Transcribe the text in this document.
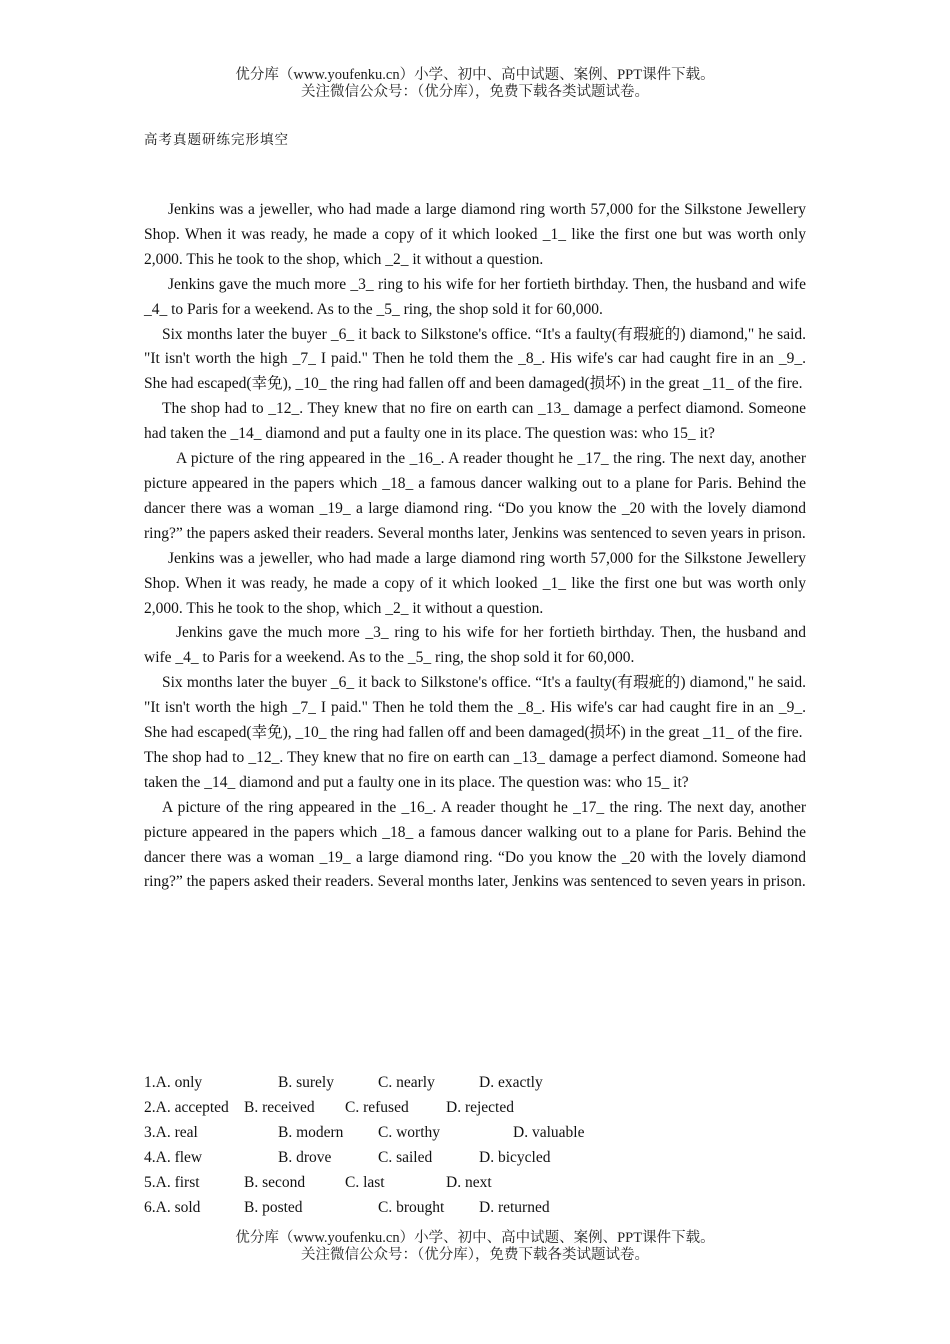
优分库（www.youfenku.cn）小学、初中、高中试题、案例、PPT课件下载。
关注微信公众号：（优分库），免费下载各类试题试卷。
高考真题研练完形填空

Jenkins was a jeweller, who had made a large diamond ring worth 57,000 for the Silkstone Jewellery Shop. When it was ready, he made a copy of it which looked _1_ like the first one but was worth only 2,000. This he took to the shop, which _2_ it without a question.

Jenkins gave the much more _3_ ring to his wife for her fortieth birthday. Then, the husband and wife _4_ to Paris for a weekend. As to the _5_ ring, the shop sold it for 60,000.

Six months later the buyer _6_ it back to Silkstone's office. “It's a faulty(有瑕疵的) diamond," he said. "It isn't worth the high _7_ I paid." Then he told them the _8_. His wife's car had caught fire in an _9_. She had escaped(幸免), _10_ the ring had fallen off and been damaged(损坏) in the great _11_ of the fire.

The shop had to _12_. They knew that no fire on earth can _13_ damage a perfect diamond. Someone had taken the _14_ diamond and put a faulty one in its place. The question was: who 15_ it?

A picture of the ring appeared in the _16_. A reader thought he _17_ the ring. The next day, another picture appeared in the papers which _18_ a famous dancer walking out to a plane for Paris. Behind the dancer there was a woman _19_ a large diamond ring. “Do you know the _20 with the lovely diamond ring?” the papers asked their readers. Several months later, Jenkins was sentenced to seven years in prison.

Jenkins was a jeweller, who had made a large diamond ring worth 57,000 for the Silkstone Jewellery Shop. When it was ready, he made a copy of it which looked _1_ like the first one but was worth only 2,000. This he took to the shop, which _2_ it without a question.

Jenkins gave the much more _3_ ring to his wife for her fortieth birthday. Then, the husband and wife _4_ to Paris for a weekend. As to the _5_ ring, the shop sold it for 60,000.

Six months later the buyer _6_ it back to Silkstone's office. “It's a faulty(有瑕疵的) diamond," he said. "It isn't worth the high _7_ I paid." Then he told them the _8_. His wife's car had caught fire in an _9_. She had escaped(幸免), _10_ the ring had fallen off and been damaged(损坏) in the great _11_ of the fire.

The shop had to _12_. They knew that no fire on earth can _13_ damage a perfect diamond. Someone had taken the _14_ diamond and put a faulty one in its place. The question was: who 15_ it?

A picture of the ring appeared in the _16_. A reader thought he _17_ the ring. The next day, another picture appeared in the papers which _18_ a famous dancer walking out to a plane for Paris. Behind the dancer there was a woman _19_ a large diamond ring. “Do you know the _20 with the lovely diamond ring?” the papers asked their readers. Several months later, Jenkins was sentenced to seven years in prison.

1.A. only	B. surely	C. nearly	D. exactly
2.A. accepted B. received C. refused D. rejected
3.A. real	B. modern C. worthy	D. valuable
4.A. flew	B. drove	C. sailed	D. bicycled
5.A. first	B. second	C. last	D. next
6.A. sold	B. posted	C. brought D. returned
优分库（www.youfenku.cn）小学、初中、高中试题、案例、PPT课件下载。
关注微信公众号：（优分库），免费下载各类试题试卷。
